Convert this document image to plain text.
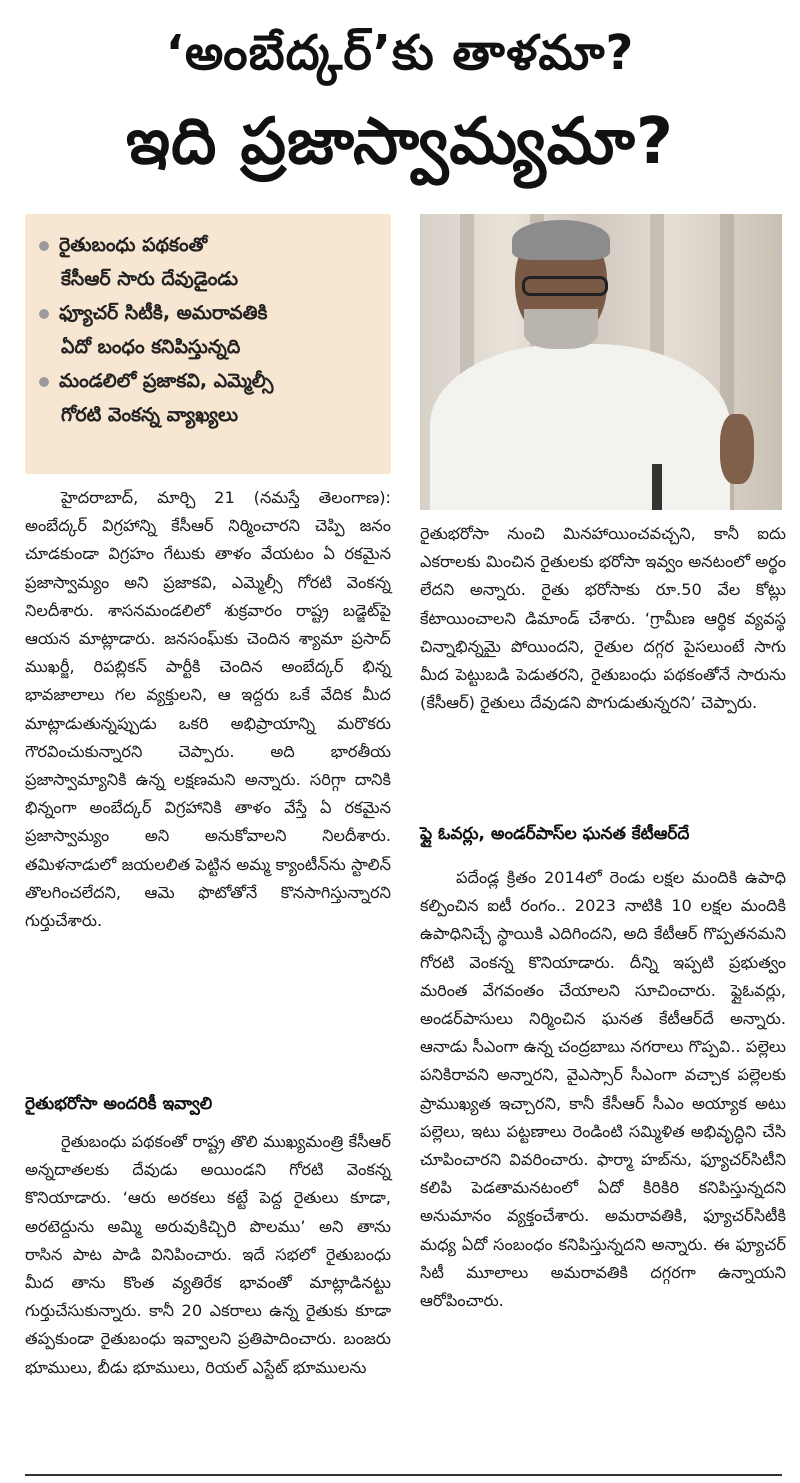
‘అంబేద్కర్’కు తాళమా?
ఇది ప్రజాస్వామ్యమా?
రైతుబంధు పథకంతో
కేసీఆర్ సారు దేవుడైండు
ఫ్యూచర్ సిటీకి, అమరావతికి
ఏదో బంధం కనిపిస్తున్నది
మండలిలో ప్రజాకవి, ఎమ్మెల్సీ
గోరటి వెంకన్న వ్యాఖ్యలు

హైదరాబాద్, మార్చి 21 (నమస్తే తెలంగాణ): అంబేద్కర్ విగ్రహాన్ని కేసీఆర్ నిర్మించారని చెప్పి జనం చూడకుండా విగ్రహం గేటుకు తాళం వేయటం ఏ రకమైన ప్రజాస్వామ్యం అని ప్రజాకవి, ఎమ్మెల్సీ గోరటి వెంకన్న నిలదీశారు. శాసనమండలిలో శుక్రవారం రాష్ట్ర బడ్జెట్‌పై ఆయన మాట్లాడారు. జనసంఘ్‌కు చెందిన శ్యామా ప్రసాద్ ముఖర్జీ, రిపబ్లికన్ పార్టీకి చెందిన అంబేద్కర్ భిన్న భావజాలాలు గల వ్యక్తులని, ఆ ఇద్దరు ఒకే వేదిక మీద మాట్లాడుతున్నప్పుడు ఒకరి అభిప్రాయాన్ని మరొకరు గౌరవించుకున్నారని చెప్పారు. అది భారతీయ ప్రజాస్వామ్యానికి ఉన్న లక్షణమని అన్నారు. సరిగ్గా దానికి భిన్నంగా అంబేద్కర్ విగ్రహానికి తాళం వేస్తే ఏ రకమైన ప్రజాస్వామ్యం అని అనుకోవాలని నిలదీశారు. తమిళనాడులో జయలలిత పెట్టిన అమ్మ క్యాంటీన్‌ను స్టాలిన్ తొలగించలేదని, ఆమె ఫొటోతోనే కొనసాగిస్తున్నారని గుర్తుచేశారు.

రైతుభరోసా అందరికీ ఇవ్వాలి

రైతుబంధు పథకంతో రాష్ట్ర తొలి ముఖ్యమంత్రి కేసీఆర్ అన్నదాతలకు దేవుడు అయిండని గోరటి వెంకన్న కొనియాడారు. ‘ఆరు అరకలు కట్టే పెద్ద రైతులు కూడా, అరటెద్దును అమ్మి అరువుకిచ్చిరి పొలము’ అని తాను రాసిన పాట పాడి వినిపించారు. ఇదే సభలో రైతుబంధు మీద తాను కొంత వ్యతిరేక భావంతో మాట్లాడినట్టు గుర్తుచేసుకున్నారు. కానీ 20 ఎకరాలు ఉన్న రైతుకు కూడా తప్పకుండా రైతుబంధు ఇవ్వాలని ప్రతిపాదించారు. బంజరు భూములు, బీడు భూములు, రియల్ ఎస్టేట్ భూములను

రైతుభరోసా నుంచి మినహాయించవచ్చని, కానీ ఐదు ఎకరాలకు మించిన రైతులకు భరోసా ఇవ్వం అనటంలో అర్థం లేదని అన్నారు. రైతు భరోసాకు రూ.50 వేల కోట్లు కేటాయించాలని డిమాండ్ చేశారు. ‘గ్రామీణ ఆర్థిక వ్యవస్థ చిన్నాభిన్నమై పోయిందని, రైతుల దగ్గర పైసలుంటే సాగు మీద పెట్టుబడి పెడుతరని, రైతుబంధు పథకంతోనే సారును (కేసీఆర్) రైతులు దేవుడని పొగుడుతున్నరని’ చెప్పారు.

ఫ్లై ఓవర్లు, అండర్‌పాస్‌ల ఘనత కేటీఆర్‌దే

పదేండ్ల క్రితం 2014లో రెండు లక్షల మందికి ఉపాధి కల్పించిన ఐటీ రంగం.. 2023 నాటికి 10 లక్షల మందికి ఉపాధినిచ్చే స్థాయికి ఎదిగిందని, అది కేటీఆర్ గొప్పతనమని గోరటి వెంకన్న కొనియాడారు. దీన్ని ఇప్పటి ప్రభుత్వం మరింత వేగవంతం చేయాలని సూచించారు. ఫ్లైఓవర్లు, అండర్‌పాసులు నిర్మించిన ఘనత కేటీఆర్‌దే అన్నారు. ఆనాడు సీఎంగా ఉన్న చంద్రబాబు నగరాలు గొప్పవి.. పల్లెలు పనికిరావని అన్నారని, వైఎస్సార్ సీఎంగా వచ్చాక పల్లెలకు ప్రాముఖ్యత ఇచ్చారని, కానీ కేసీఆర్ సీఎం అయ్యాక అటు పల్లెలు, ఇటు పట్టణాలు రెండింటి సమ్మిళిత అభివృద్ధిని చేసి చూపించారని వివరించారు. ఫార్మా హబ్‌ను, ఫ్యూచర్‌సిటీని కలిపి పెడతామనటంలో ఏదో కిరికిరి కనిపిస్తున్నదని అనుమానం వ్యక్తంచేశారు. అమరావతికి, ఫ్యూచర్‌సిటీకి మధ్య ఏదో సంబంధం కనిపిస్తున్నదని అన్నారు. ఈ ఫ్యూచర్ సిటీ మూలాలు అమరావతికి దగ్గరగా ఉన్నాయని ఆరోపించారు.
